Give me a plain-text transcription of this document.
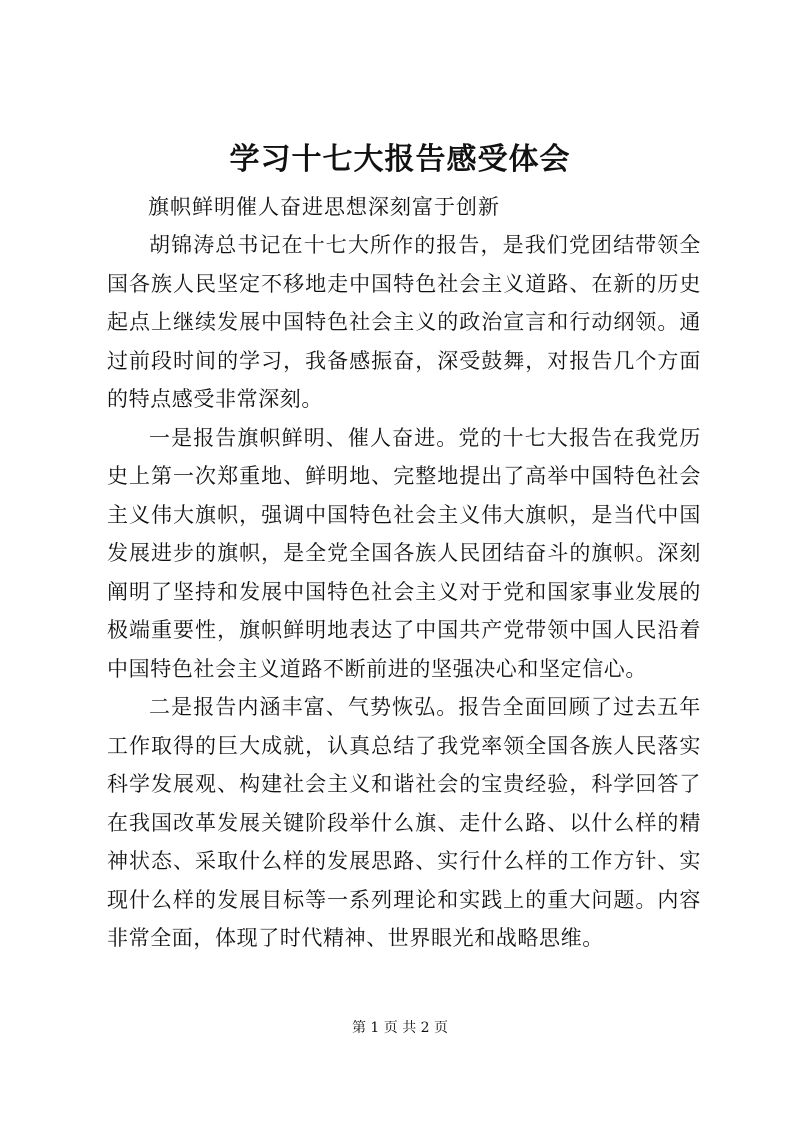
学习十七大报告感受体会
旗帜鲜明催人奋进思想深刻富于创新

胡锦涛总书记在十七大所作的报告，是我们党团结带领全国各族人民坚定不移地走中国特色社会主义道路、在新的历史起点上继续发展中国特色社会主义的政治宣言和行动纲领。通过前段时间的学习，我备感振奋，深受鼓舞，对报告几个方面的特点感受非常深刻。

一是报告旗帜鲜明、催人奋进。党的十七大报告在我党历史上第一次郑重地、鲜明地、完整地提出了高举中国特色社会主义伟大旗帜，强调中国特色社会主义伟大旗帜，是当代中国发展进步的旗帜，是全党全国各族人民团结奋斗的旗帜。深刻阐明了坚持和发展中国特色社会主义对于党和国家事业发展的极端重要性，旗帜鲜明地表达了中国共产党带领中国人民沿着中国特色社会主义道路不断前进的坚强决心和坚定信心。

二是报告内涵丰富、气势恢弘。报告全面回顾了过去五年工作取得的巨大成就，认真总结了我党率领全国各族人民落实科学发展观、构建社会主义和谐社会的宝贵经验，科学回答了在我国改革发展关键阶段举什么旗、走什么路、以什么样的精神状态、采取什么样的发展思路、实行什么样的工作方针、实现什么样的发展目标等一系列理论和实践上的重大问题。内容非常全面，体现了时代精神、世界眼光和战略思维。

第 1 页 共 2 页
